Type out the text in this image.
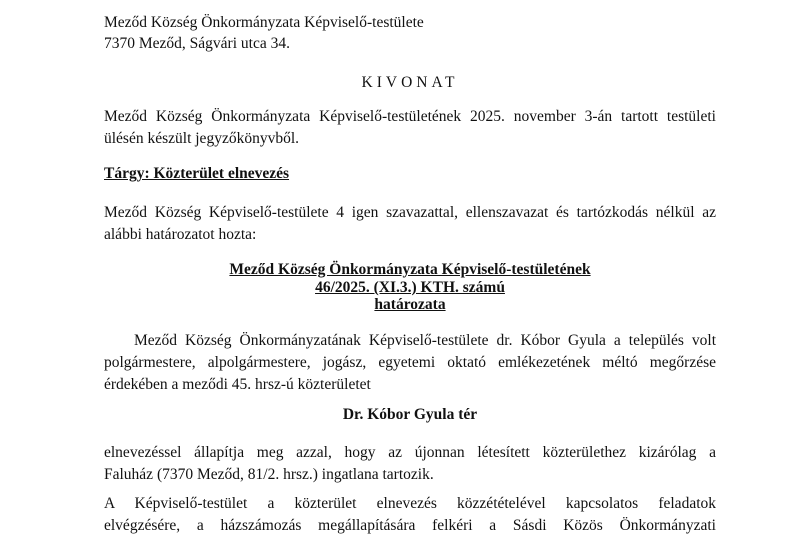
Meződ Község Önkormányzata Képviselő-testülete
7370 Meződ, Ságvári utca 34.
KIVONAT
Meződ Község Önkormányzata Képviselő-testületének 2025. november 3-án tartott testületi
ülésén készült jegyzőkönyvből.
Tárgy: Közterület elnevezés
Meződ Község Képviselő-testülete 4 igen szavazattal, ellenszavazat és tartózkodás nélkül az
alábbi határozatot hozta:
Meződ Község Önkormányzata Képviselő-testületének
46/2025. (XI.3.) KTH. számú
határozata
Meződ Község Önkormányzatának Képviselő-testülete dr. Kóbor Gyula a település volt
polgármestere, alpolgármestere, jogász, egyetemi oktató emlékezetének méltó megőrzése
érdekében a meződi 45. hrsz-ú közterületet
Dr. Kóbor Gyula tér
elnevezéssel állapítja meg azzal, hogy az újonnan létesített közterülethez kizárólag a
Faluház (7370 Meződ, 81/2. hrsz.) ingatlana tartozik.
A Képviselő-testület a közterület elnevezés közzétételével kapcsolatos feladatok
elvégzésére, a házszámozás megállapítására felkéri a Sásdi Közös Önkormányzati
